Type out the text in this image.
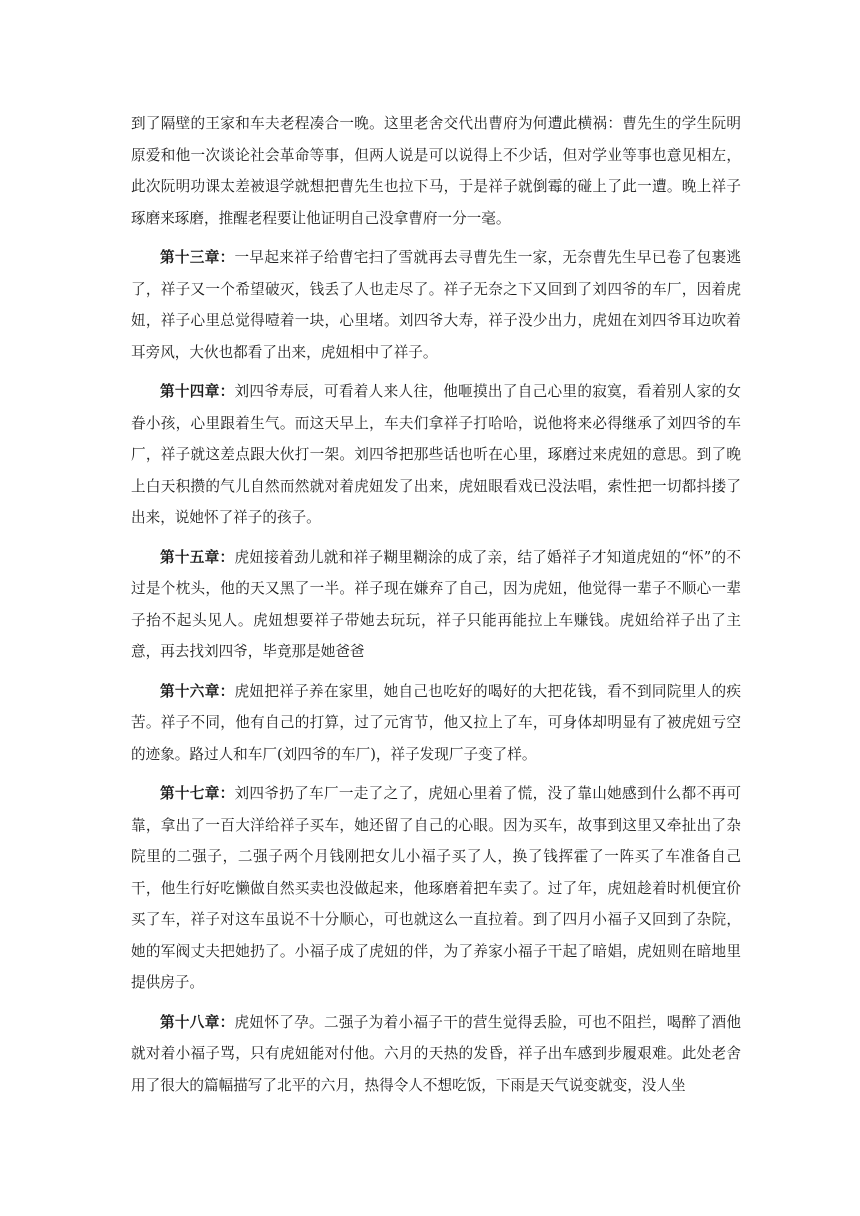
到了隔壁的王家和车夫老程凑合一晚。这里老舍交代出曹府为何遭此横祸：曹先生的学生阮明原爱和他一次谈论社会革命等事，但两人说是可以说得上不少话，但对学业等事也意见相左，此次阮明功课太差被退学就想把曹先生也拉下马，于是祥子就倒霉的碰上了此一遭。晚上祥子琢磨来琢磨，推醒老程要让他证明自己没拿曹府一分一毫。

第十三章：一早起来祥子给曹宅扫了雪就再去寻曹先生一家，无奈曹先生早已卷了包裹逃了，祥子又一个希望破灭，钱丢了人也走尽了。祥子无奈之下又回到了刘四爷的车厂，因着虎妞，祥子心里总觉得噎着一块，心里堵。刘四爷大寿，祥子没少出力，虎妞在刘四爷耳边吹着耳旁风，大伙也都看了出来，虎妞相中了祥子。

第十四章：刘四爷寿辰，可看着人来人往，他咂摸出了自己心里的寂寞，看着别人家的女眷小孩，心里跟着生气。而这天早上，车夫们拿祥子打哈哈，说他将来必得继承了刘四爷的车厂，祥子就这差点跟大伙打一架。刘四爷把那些话也听在心里，琢磨过来虎妞的意思。到了晚上白天积攒的气儿自然而然就对着虎妞发了出来，虎妞眼看戏已没法唱，索性把一切都抖搂了出来，说她怀了祥子的孩子。

第十五章：虎妞接着劲儿就和祥子糊里糊涂的成了亲，结了婚祥子才知道虎妞的“怀”的不过是个枕头，他的天又黑了一半。祥子现在嫌弃了自己，因为虎妞，他觉得一辈子不顺心一辈子抬不起头见人。虎妞想要祥子带她去玩玩，祥子只能再能拉上车赚钱。虎妞给祥子出了主意，再去找刘四爷，毕竟那是她爸爸

第十六章：虎妞把祥子养在家里，她自己也吃好的喝好的大把花钱，看不到同院里人的疾苦。祥子不同，他有自己的打算，过了元宵节，他又拉上了车，可身体却明显有了被虎妞亏空的迹象。路过人和车厂(刘四爷的车厂)，祥子发现厂子变了样。

第十七章：刘四爷扔了车厂一走了之了，虎妞心里着了慌，没了靠山她感到什么都不再可靠，拿出了一百大洋给祥子买车，她还留了自己的心眼。因为买车，故事到这里又牵扯出了杂院里的二强子，二强子两个月钱刚把女儿小福子买了人，换了钱挥霍了一阵买了车准备自己干，他生行好吃懒做自然买卖也没做起来，他琢磨着把车卖了。过了年，虎妞趁着时机便宜价买了车，祥子对这车虽说不十分顺心，可也就这么一直拉着。到了四月小福子又回到了杂院，她的军阀丈夫把她扔了。小福子成了虎妞的伴，为了养家小福子干起了暗娼，虎妞则在暗地里提供房子。

第十八章：虎妞怀了孕。二强子为着小福子干的营生觉得丢脸，可也不阻拦，喝醉了酒他就对着小福子骂，只有虎妞能对付他。六月的天热的发昏，祥子出车感到步履艰难。此处老舍用了很大的篇幅描写了北平的六月，热得令人不想吃饭，下雨是天气说变就变，没人坐
